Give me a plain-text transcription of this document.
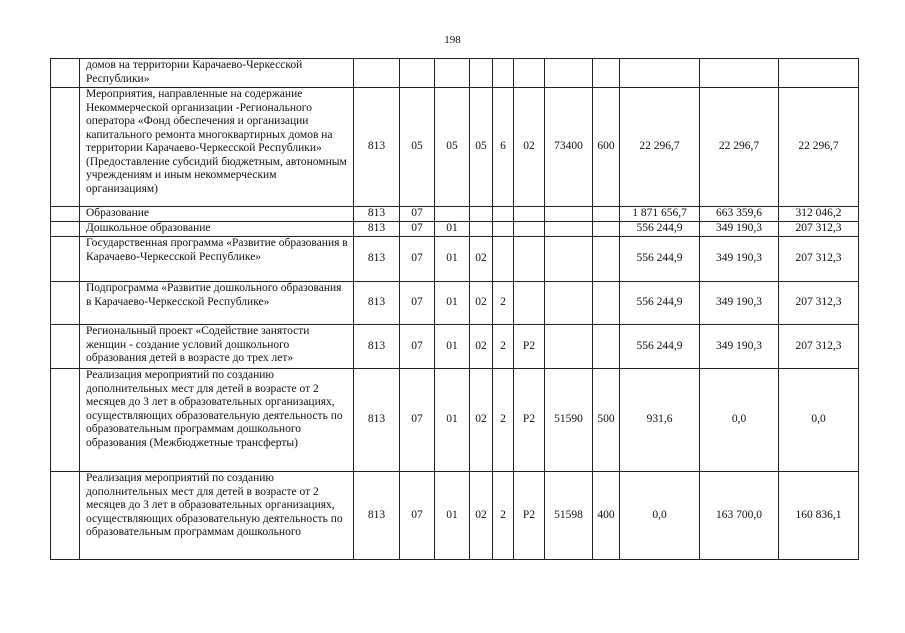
198
	домов на территории Карачаево-Черкесской Республики»											
	Мероприятия, направленные на содержание Некоммерческой организации -Регионального оператора «Фонд обеспечения и организации капитального ремонта многоквартирных домов на территории Карачаево-Черкесской Республики» (Предоставление субсидий бюджетным, автономным учреждениям и иным некоммерческим организациям)	813	05	05	05	6	02	73400	600	22 296,7	22 296,7	22 296,7
	Образование	813	07							1 871 656,7	663 359,6	312 046,2
	Дошкольное образование	813	07	01						556 244,9	349 190,3	207 312,3
	Государственная программа «Развитие образования в Карачаево-Черкесской Республике»	813	07	01	02					556 244,9	349 190,3	207 312,3
	Подпрограмма «Развитие дошкольного образования в Карачаево-Черкесской Республике»	813	07	01	02	2				556 244,9	349 190,3	207 312,3
	Региональный проект «Содействие занятости женщин - создание условий дошкольного образования детей в возрасте до трех лет»	813	07	01	02	2	P2			556 244,9	349 190,3	207 312,3
	Реализация мероприятий по созданию дополнительных мест для детей в возрасте от 2 месяцев до 3 лет в образовательных организациях, осуществляющих образовательную деятельность по образовательным программам дошкольного образования (Межбюджетные трансферты)	813	07	01	02	2	P2	51590	500	931,6	0,0	0,0
	Реализация мероприятий по созданию дополнительных мест для детей в возрасте от 2 месяцев до 3 лет в образовательных организациях, осуществляющих образовательную деятельность по образовательным программам дошкольного	813	07	01	02	2	P2	51598	400	0,0	163 700,0	160 836,1
